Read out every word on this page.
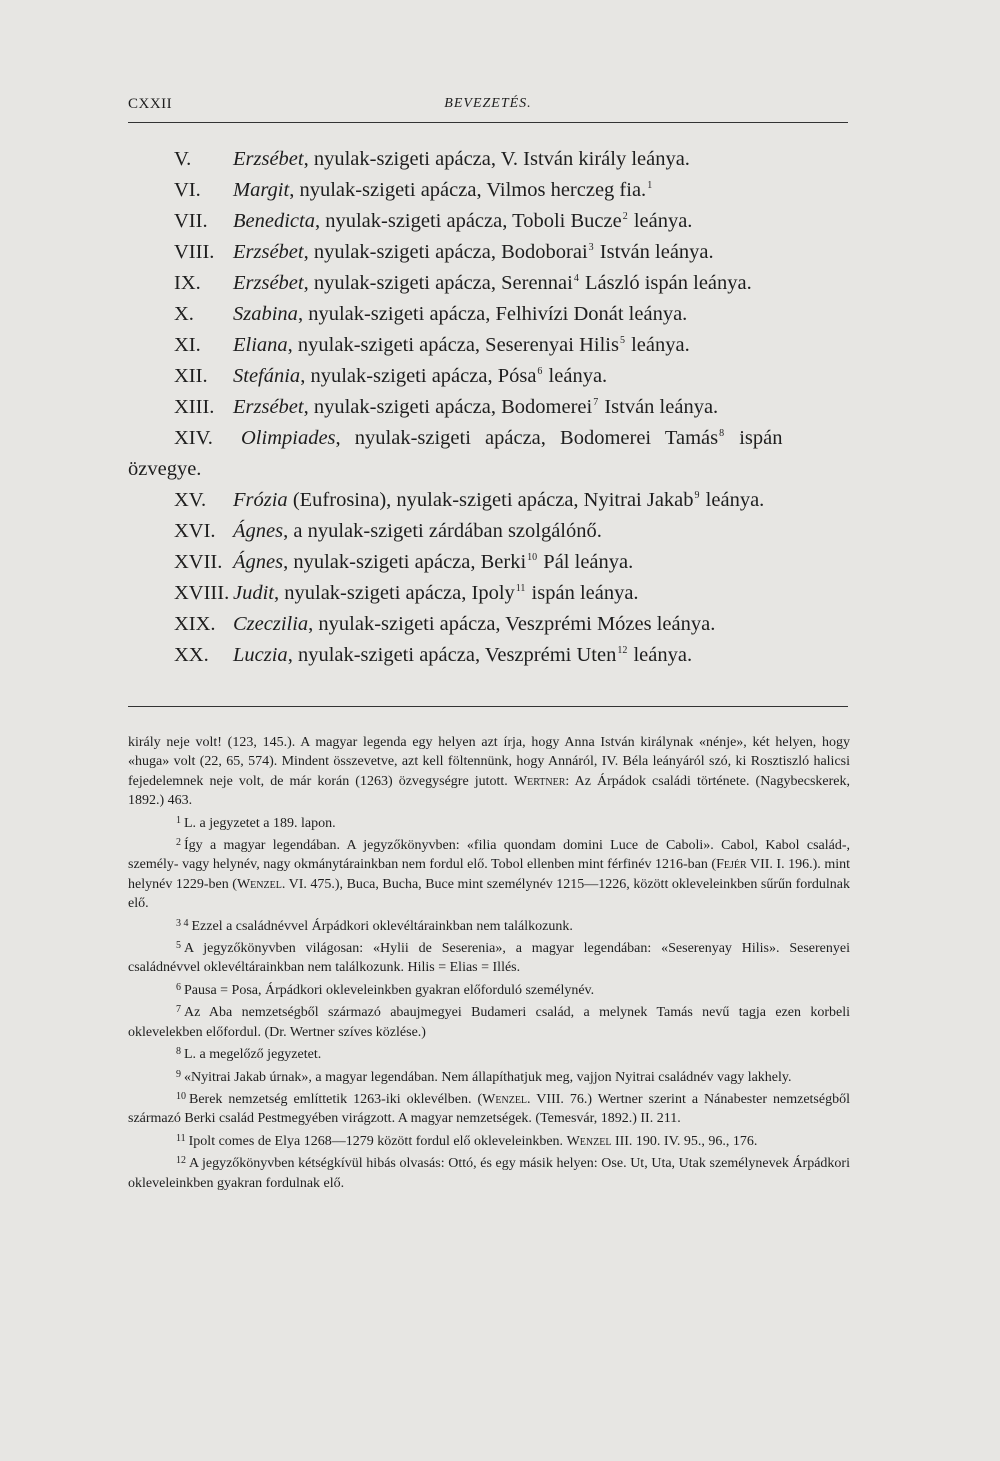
CXXII	BEVEZETÉS.
V. Erzsébet, nyulak-szigeti apácza, V. István király leánya.
VI. Margit, nyulak-szigeti apácza, Vilmos herczeg fia.$^1$
VII. Benedicta, nyulak-szigeti apácza, Toboli Bucze$^2$ leánya.
VIII. Erzsébet, nyulak-szigeti apácza, Bodoborai$^3$ István leánya.
IX. Erzsébet, nyulak-szigeti apácza, Serennai$^4$ László ispán leánya.
X. Szabina, nyulak-szigeti apácza, Felhivízi Donát leánya.
XI. Eliana, nyulak-szigeti apácza, Seserenyai Hilis$^5$ leánya.
XII. Stefánia, nyulak-szigeti apácza, Pósa$^6$ leánya.
XIII. Erzsébet, nyulak-szigeti apácza, Bodomerei$^7$ István leánya.
XIV. Olimpiades, nyulak-szigeti apácza, Bodomerei Tamás$^8$ ispán
özvegye.
XV. Frózia (Eufrosina), nyulak-szigeti apácza, Nyitrai Jakab$^9$ leánya.
XVI. Ágnes, a nyulak-szigeti zárdában szolgálónő.
XVII. Ágnes, nyulak-szigeti apácza, Berki$^{10}$ Pál leánya.
XVIII. Judit, nyulak-szigeti apácza, Ipoly$^{11}$ ispán leánya.
XIX. Czeczilia, nyulak-szigeti apácza, Veszprémi Mózes leánya.
XX. Luczia, nyulak-szigeti apácza, Veszprémi Uten$^{12}$ leánya.

király neje volt! (123, 145.). A magyar legenda egy helyen azt írja, hogy Anna István királynak «nénje», két helyen, hogy «huga» volt (22, 65, 574). Mindent összevetve, azt kell föltennünk, hogy Annáról, IV. Béla leányáról szó, ki Rosztiszló halicsi fejedelemnek neje volt, de már korán (1263) özvegységre jutott. Wertner: Az Árpádok családi története. (Nagybecskerek, 1892.) 463.

$^1$ L. a jegyzetet a 189. lapon.

$^2$ Így a magyar legendában. A jegyzőkönyvben: «filia quondam domini Luce de Caboli». Cabol, Kabol család-, személy- vagy helynév, nagy okmánytárainkban nem fordul elő. Tobol ellenben mint férfinév 1216-ban (Fejér VII. I. 196.). mint helynév 1229-ben (Wenzel. VI. 475.), Buca, Bucha, Buce mint személynév 1215—1226, között okleveleinkben sűrűn fordulnak elő.

$^{3 4}$ Ezzel a családnévvel Árpádkori oklevéltárainkban nem találkozunk.

$^5$ A jegyzőkönyvben világosan: «Hylii de Seserenia», a magyar legendában: «Seserenyay Hilis». Seserenyei családnévvel oklevéltárainkban nem találkozunk. Hilis = Elias = Illés.

$^6$ Pausa = Posa, Árpádkori okleveleinkben gyakran előforduló személynév.

$^7$ Az Aba nemzetségből származó abaujmegyei Budameri család, a melynek Tamás nevű tagja ezen korbeli oklevelekben előfordul. (Dr. Wertner szíves közlése.)

$^8$ L. a megelőző jegyzetet.

$^9$ «Nyitrai Jakab úrnak», a magyar legendában. Nem állapíthatjuk meg, vajjon Nyitrai családnév vagy lakhely.

$^{10}$ Berek nemzetség említtetik 1263-iki oklevélben. (Wenzel. VIII. 76.) Wertner szerint a Nánabester nemzetségből származó Berki család Pestmegyében virágzott. A magyar nemzetségek. (Temesvár, 1892.) II. 211.

$^{11}$ Ipolt comes de Elya 1268—1279 között fordul elő okleveleinkben. Wenzel III. 190. IV. 95., 96., 176.

$^{12}$ A jegyzőkönyvben kétségkívül hibás olvasás: Ottó, és egy másik helyen: Ose. Ut, Uta, Utak személynevek Árpádkori okleveleinkben gyakran fordulnak elő.
